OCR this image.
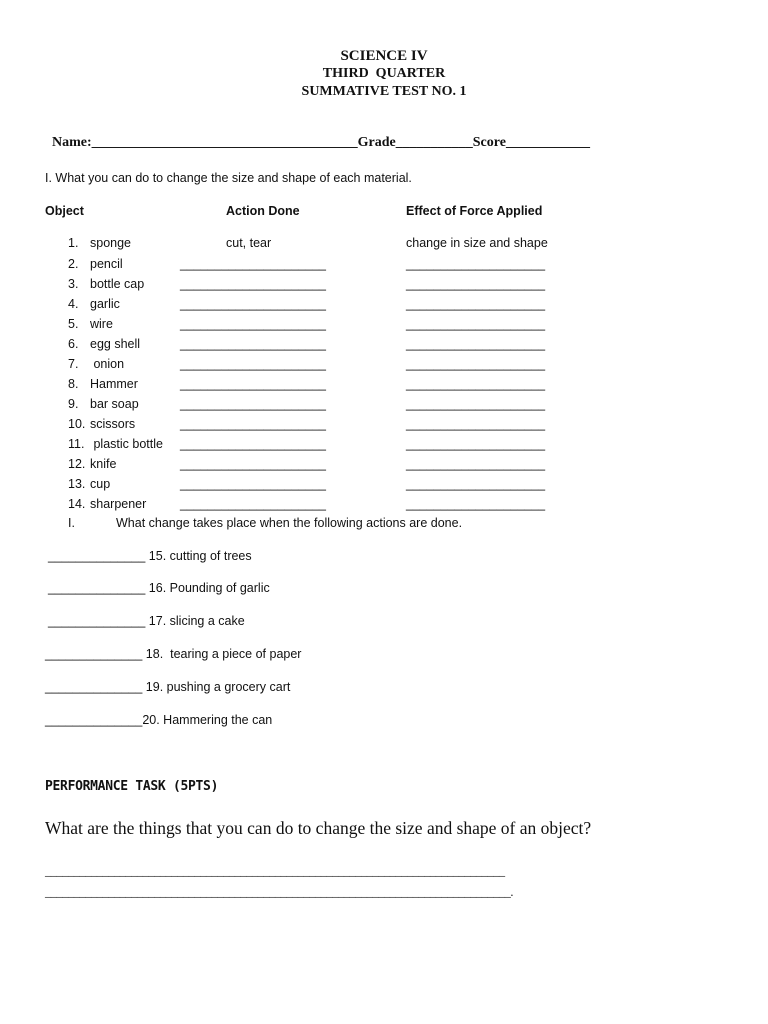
SCIENCE IV
THIRD  QUARTER
SUMMATIVE TEST NO. 1

Name:______________________________________Grade___________Score____________

I. What you can do to change the size and shape of each material.
Object	Action Done	Effect of Force Applied
1. sponge	cut, tear	change in size and shape
2. pencil	_____________________	____________________
3. bottle cap	_____________________	____________________
4. garlic	_____________________	____________________
5. wire	_____________________	____________________
6. egg shell	_____________________	____________________
7. onion	_____________________	____________________
8. Hammer	_____________________	____________________
9. bar soap	_____________________	____________________
10. scissors	_____________________	____________________
11. plastic bottle _____________________	____________________
12. knife	_____________________	____________________
13. cup	_____________________	____________________
14. sharpener	_____________________	____________________
I.	What change takes place when the following actions are done.
______________ 15. cutting of trees
______________ 16. Pounding of garlic
______________ 17. slicing a cake
______________ 18.  tearing a piece of paper
______________ 19. pushing a grocery cart
______________20. Hammering the can
PERFORMANCE TASK (5PTS)
What are the things that you can do to change the size and shape of an object?
________________________________________________________________________________
_________________________________________________________________________________.
